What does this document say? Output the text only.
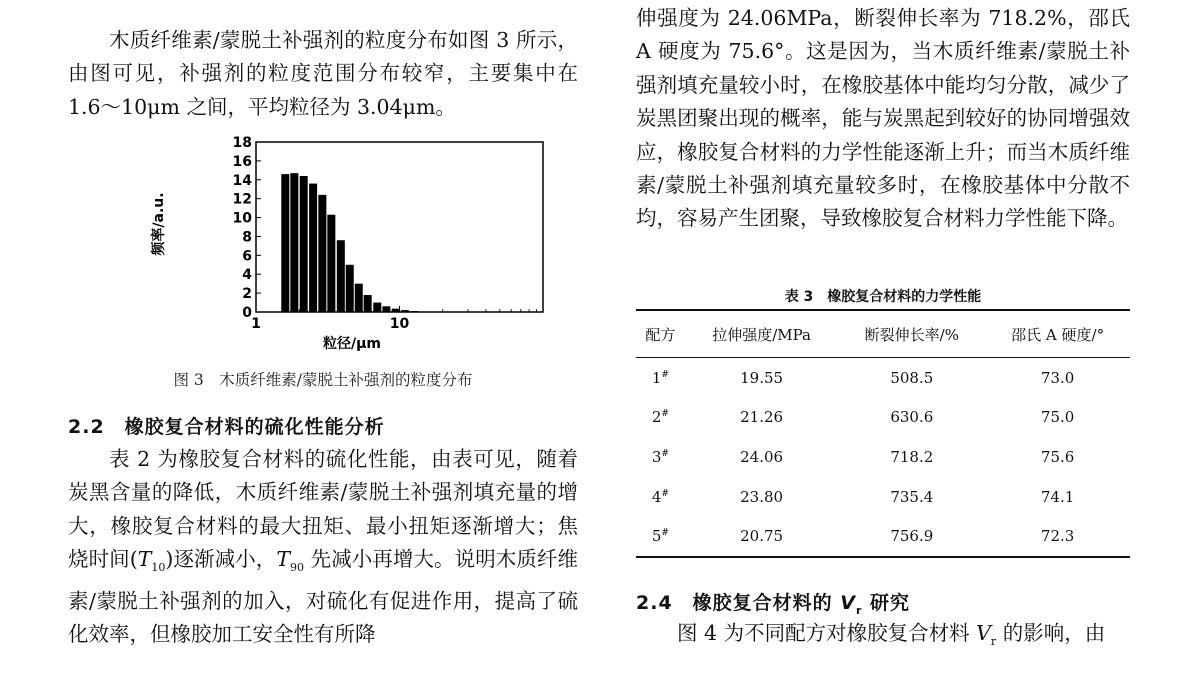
木质纤维素/蒙脱土补强剂的粒度分布如图 3 所示，由图可见，补强剂的粒度范围分布较窄，主要集中在 1.6～10μm 之间，平均粒径为 3.04μm。

0
2
4
6
8
10
12
14
16
18
1	10
频率/a.u.
粒径/μm
图 3　木质纤维素/蒙脱土补强剂的粒度分布
2.2　橡胶复合材料的硫化性能分析

表 2 为橡胶复合材料的硫化性能，由表可见，随着炭黑含量的降低，木质纤维素/蒙脱土补强剂填充量的增大，橡胶复合材料的最大扭矩、最小扭矩逐渐增大；焦烧时间$(T_{10})$逐渐减小，$T_{90}$ 先减小再增大。说明木质纤维素/蒙脱土补强剂的加入，对硫化有促进作用，提高了硫化效率，但橡胶加工安全性有所降

伸强度为 24.06MPa，断裂伸长率为 718.2%，邵氏 A 硬度为 75.6°。这是因为，当木质纤维素/蒙脱土补强剂填充量较小时，在橡胶基体中能均匀分散，减少了炭黑团聚出现的概率，能与炭黑起到较好的协同增强效应，橡胶复合材料的力学性能逐渐上升；而当木质纤维素/蒙脱土补强剂填充量较多时，在橡胶基体中分散不均，容易产生团聚，导致橡胶复合材料力学性能下降。

表 3　橡胶复合材料的力学性能
配方	拉伸强度/MPa	断裂伸长率/%	邵氏 A 硬度/°
1#	19.55	508.5	73.0
2#	21.26	630.6	75.0
3#	24.06	718.2	75.6
4#	23.80	735.4	74.1
5#	20.75	756.9	72.3
2.4　橡胶复合材料的 $V_r$ 研究

图 4 为不同配方对橡胶复合材料 $V_r$ 的影响，由
